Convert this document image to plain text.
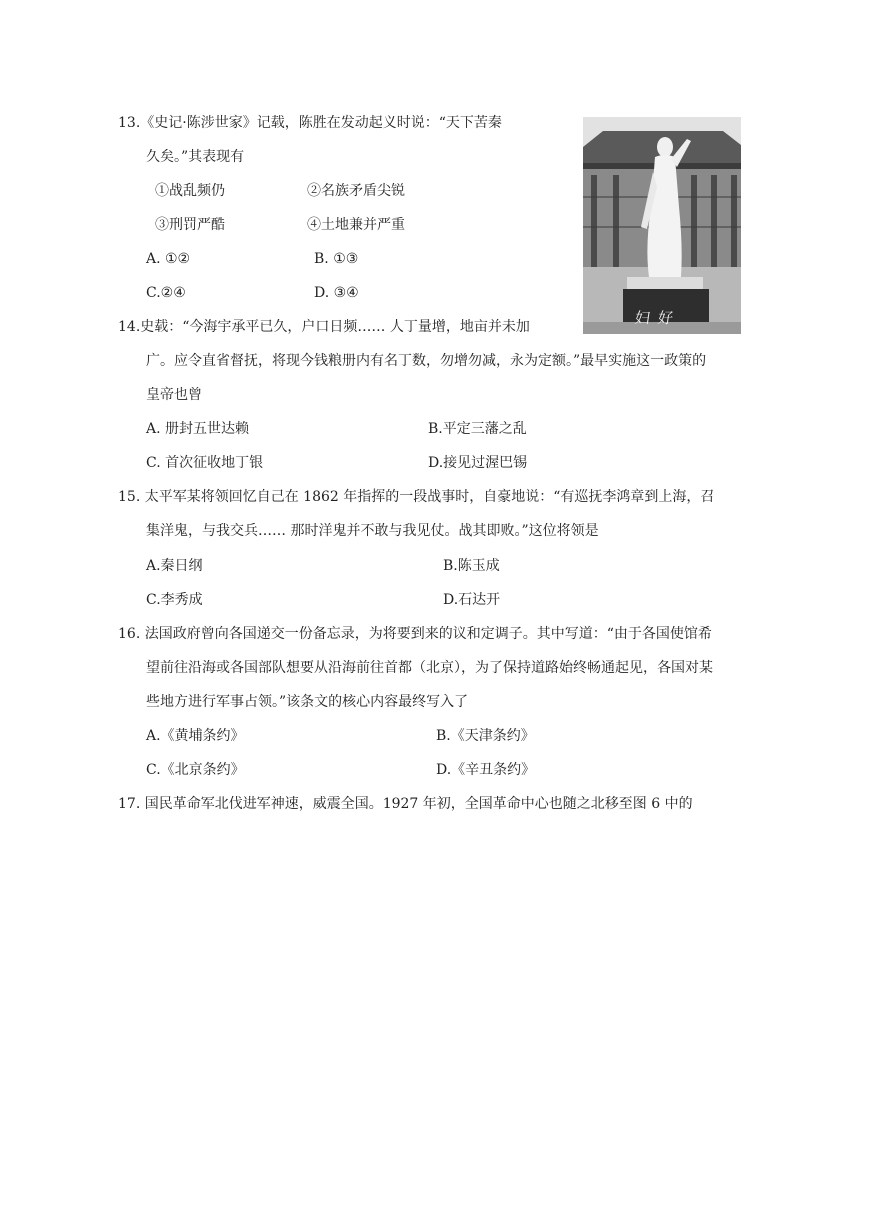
13.《史记·陈涉世家》记载，陈胜在发动起义时说：“天下苦秦
久矣。”其表现有
①战乱频仍	②名族矛盾尖锐
③刑罚严酷	④土地兼并严重
A. ①②	B. ①③
C.②④	D. ③④
妇好
14.史载：“今海宇承平已久，户口日频…… 人丁量增，地亩并未加
广。应令直省督抚，将现今钱粮册内有名丁数，勿增勿减，永为定额。”最早实施这一政策的
皇帝也曾
A. 册封五世达赖	B.平定三藩之乱
C. 首次征收地丁银	D.接见过渥巴锡
15. 太平军某将领回忆自己在 1862 年指挥的一段战事时，自豪地说：“有巡抚李鸿章到上海，召
集洋鬼，与我交兵…… 那时洋鬼并不敢与我见仗。战其即败。”这位将领是
A.秦日纲	B.陈玉成
C.李秀成	D.石达开
16. 法国政府曾向各国递交一份备忘录，为将要到来的议和定调子。其中写道：“由于各国使馆希
望前往沿海或各国部队想要从沿海前往首都（北京），为了保持道路始终畅通起见，各国对某
些地方进行军事占领。”该条文的核心内容最终写入了
A.《黄埔条约》	B.《天津条约》
C.《北京条约》	D.《辛丑条约》
17. 国民革命军北伐进军神速，威震全国。1927 年初，全国革命中心也随之北移至图 6 中的
